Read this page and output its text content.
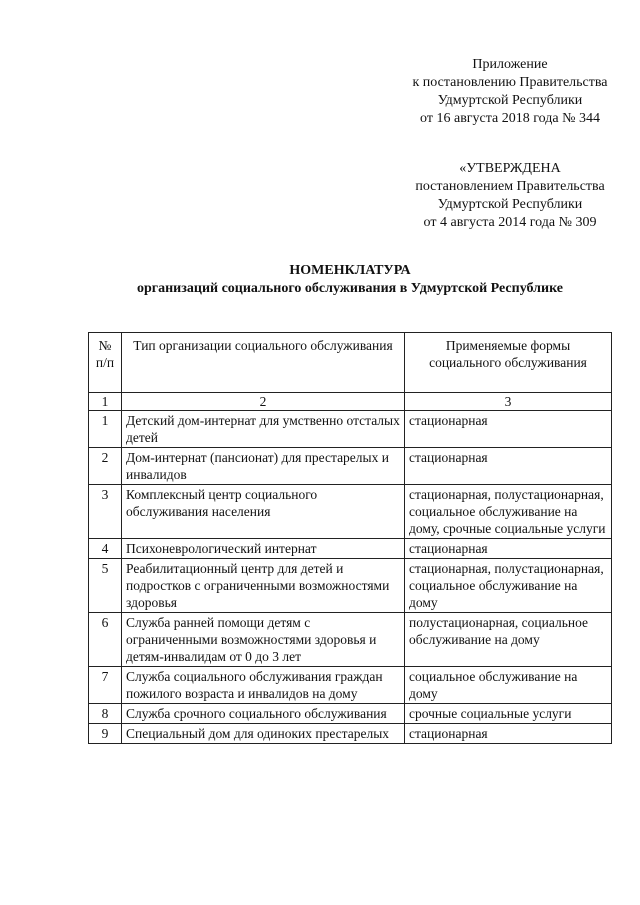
Приложение
к постановлению Правительства
Удмуртской Республики
от 16 августа 2018 года № 344
«УТВЕРЖДЕНА
постановлением Правительства
Удмуртской Республики
от 4 августа 2014 года № 309
НОМЕНКЛАТУРА
организаций социального обслуживания в Удмуртской Республике
№ п/п	Тип организации социального обслуживания	Применяемые формы социального обслуживания
1	2	3
1	Детский дом-интернат для умственно отсталых детей	стационарная
2	Дом-интернат (пансионат) для престарелых и инвалидов	стационарная
3	Комплексный центр социального обслуживания населения	стационарная, полустационарная, социальное обслуживание на дому, срочные социальные услуги
4	Психоневрологический интернат	стационарная
5	Реабилитационный центр для детей и подростков с ограниченными возможностями здоровья	стационарная, полустационарная, социальное обслуживание на дому
6	Служба ранней помощи детям с ограниченными возможностями здоровья и детям-инвалидам от 0 до 3 лет	полустационарная, социальное обслуживание на дому
7	Служба социального обслуживания граждан пожилого возраста и инвалидов на дому	социальное обслуживание на дому
8	Служба срочного социального обслуживания	срочные социальные услуги
9	Специальный дом для одиноких престарелых	стационарная
